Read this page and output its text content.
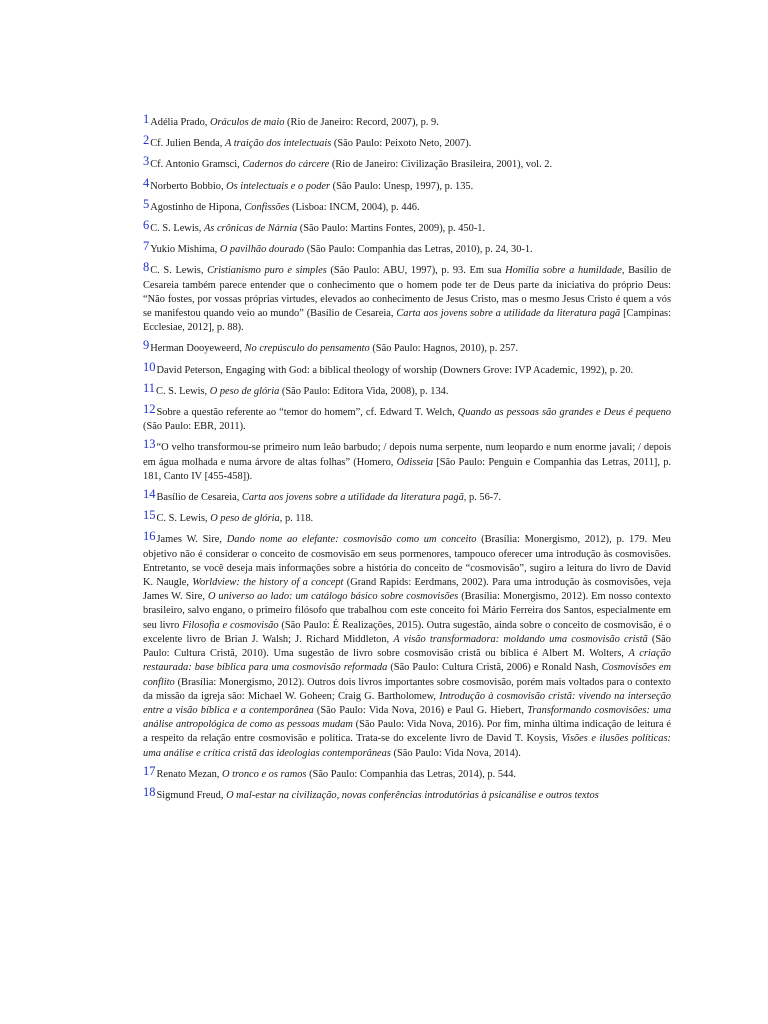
1Adélia Prado, Oráculos de maio (Rio de Janeiro: Record, 2007), p. 9.
2Cf. Julien Benda, A traição dos intelectuais (São Paulo: Peixoto Neto, 2007).
3Cf. Antonio Gramsci, Cadernos do cárcere (Rio de Janeiro: Civilização Brasileira, 2001), vol. 2.
4Norberto Bobbio, Os intelectuais e o poder (São Paulo: Unesp, 1997), p. 135.
5Agostinho de Hipona, Confissões (Lisboa: INCM, 2004), p. 446.
6C. S. Lewis, As crônicas de Nárnia (São Paulo: Martins Fontes, 2009), p. 450-1.
7Yukio Mishima, O pavilhão dourado (São Paulo: Companhia das Letras, 2010), p. 24, 30-1.
8C. S. Lewis, Cristianismo puro e simples (São Paulo: ABU, 1997), p. 93. Em sua Homília sobre a humildade, Basílio de Cesareia também parece entender que o conhecimento que o homem pode ter de Deus parte da iniciativa do próprio Deus: “Não fostes, por vossas próprias virtudes, elevados ao conhecimento de Jesus Cristo, mas o mesmo Jesus Cristo é quem a vós se manifestou quando veio ao mundo” (Basílio de Cesareia, Carta aos jovens sobre a utilidade da literatura pagã [Campinas: Ecclesiae, 2012], p. 88).
9Herman Dooyeweerd, No crepúsculo do pensamento (São Paulo: Hagnos, 2010), p. 257.
10David Peterson, Engaging with God: a biblical theology of worship (Downers Grove: IVP Academic, 1992), p. 20.
11C. S. Lewis, O peso de glória (São Paulo: Editora Vida, 2008), p. 134.
12Sobre a questão referente ao “temor do homem”, cf. Edward T. Welch, Quando as pessoas são grandes e Deus é pequeno (São Paulo: EBR, 2011).
13“O velho transformou-se primeiro num leão barbudo; / depois numa serpente, num leopardo e num enorme javali; / depois em água molhada e numa árvore de altas folhas” (Homero, Odisseia [São Paulo: Penguin e Companhia das Letras, 2011], p. 181, Canto IV [455-458]).
14Basílio de Cesareia, Carta aos jovens sobre a utilidade da literatura pagã, p. 56-7.
15C. S. Lewis, O peso de glória, p. 118.
16James W. Sire, Dando nome ao elefante: cosmovisão como um conceito (Brasília: Monergismo, 2012), p. 179. Meu objetivo não é considerar o conceito de cosmovisão em seus pormenores, tampouco oferecer uma introdução às cosmovisões. Entretanto, se você deseja mais informações sobre a história do conceito de “cosmovisão”, sugiro a leitura do livro de David K. Naugle, Worldview: the history of a concept (Grand Rapids: Eerdmans, 2002). Para uma introdução às cosmovisões, veja James W. Sire, O universo ao lado: um catálogo básico sobre cosmovisões (Brasília: Monergismo, 2012). Em nosso contexto brasileiro, salvo engano, o primeiro filósofo que trabalhou com este conceito foi Mário Ferreira dos Santos, especialmente em seu livro Filosofia e cosmovisão (São Paulo: É Realizações, 2015). Outra sugestão, ainda sobre o conceito de cosmovisão, é o excelente livro de Brian J. Walsh; J. Richard Middleton, A visão transformadora: moldando uma cosmovisão cristã (São Paulo: Cultura Cristã, 2010). Uma sugestão de livro sobre cosmovisão cristã ou bíblica é Albert M. Wolters, A criação restaurada: base bíblica para uma cosmovisão reformada (São Paulo: Cultura Cristã, 2006) e Ronald Nash, Cosmovisões em conflito (Brasília: Monergismo, 2012). Outros dois livros importantes sobre cosmovisão, porém mais voltados para o contexto da missão da igreja são: Michael W. Goheen; Craig G. Bartholomew, Introdução à cosmovisão cristã: vivendo na interseção entre a visão bíblica e a contemporânea (São Paulo: Vida Nova, 2016) e Paul G. Hiebert, Transformando cosmovisões: uma análise antropológica de como as pessoas mudam (São Paulo: Vida Nova, 2016). Por fim, minha última indicação de leitura é a respeito da relação entre cosmovisão e política. Trata-se do excelente livro de David T. Koysis, Visões e ilusões políticas: uma análise e crítica cristã das ideologias contemporâneas (São Paulo: Vida Nova, 2014).
17Renato Mezan, O tronco e os ramos (São Paulo: Companhia das Letras, 2014), p. 544.
18Sigmund Freud, O mal-estar na civilização, novas conferências introdutórias à psicanálise e outros textos
